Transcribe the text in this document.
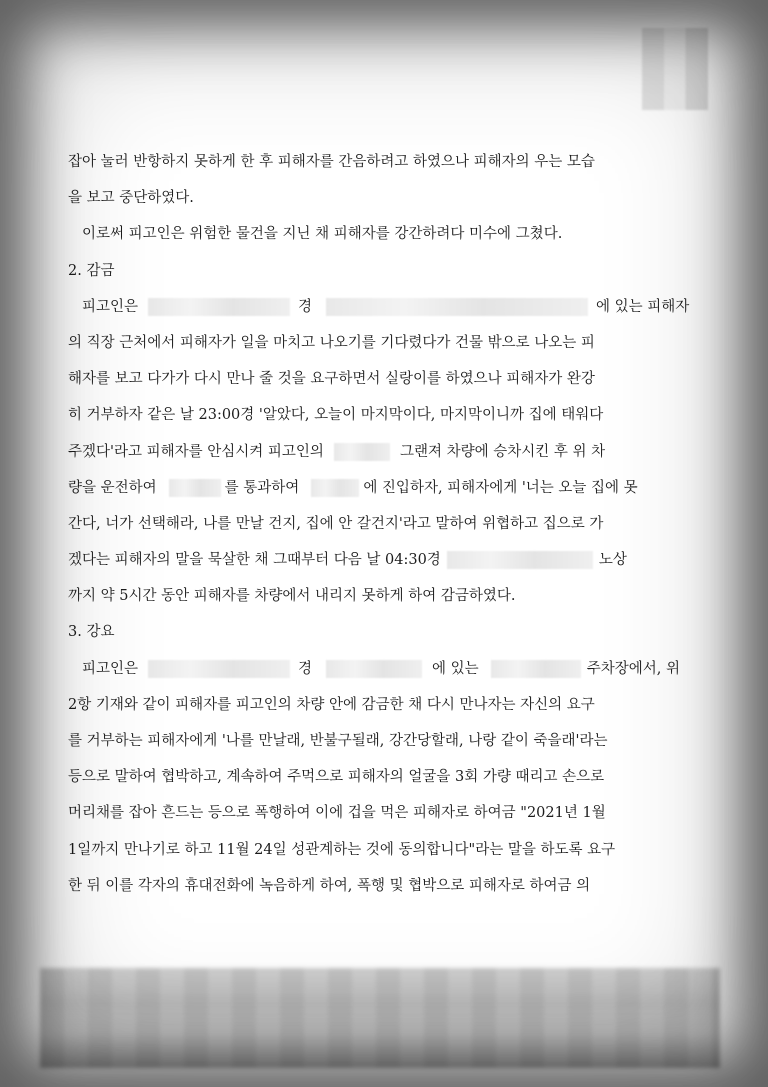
잡아 눌러 반항하지 못하게 한 후 피해자를 간음하려고 하였으나 피해자의 우는 모습
을 보고 중단하였다.
이로써 피고인은 위험한 물건을 지닌 채 피해자를 강간하려다 미수에 그쳤다.
2. 감금
피고인은	경	에 있는 피해자
의 직장 근처에서 피해자가 일을 마치고 나오기를 기다렸다가 건물 밖으로 나오는 피
해자를 보고 다가가 다시 만나 줄 것을 요구하면서 실랑이를 하였으나 피해자가 완강
히 거부하자 같은 날 23:00경 '알았다, 오늘이 마지막이다, 마지막이니까 집에 태워다
주겠다'라고 피해자를 안심시켜 피고인의	그랜져 차량에 승차시킨 후 위 차
량을 운전하여	를 통과하여	에 진입하자, 피해자에게 '너는 오늘 집에 못
간다, 너가 선택해라, 나를 만날 건지, 집에 안 갈건지'라고 말하여 위협하고 집으로 가
겠다는 피해자의 말을 묵살한 채 그때부터 다음 날 04:30경	노상
까지 약 5시간 동안 피해자를 차량에서 내리지 못하게 하여 감금하였다.
3. 강요
피고인은	경	에 있는	주차장에서, 위
2항 기재와 같이 피해자를 피고인의 차량 안에 감금한 채 다시 만나자는 자신의 요구
를 거부하는 피해자에게 '나를 만날래, 반불구될래, 강간당할래, 나랑 같이 죽을래'라는
등으로 말하여 협박하고, 계속하여 주먹으로 피해자의 얼굴을 3회 가량 때리고 손으로
머리채를 잡아 흔드는 등으로 폭행하여 이에 겁을 먹은 피해자로 하여금 "2021년 1월
1일까지 만나기로 하고 11월 24일 성관계하는 것에 동의합니다"라는 말을 하도록 요구
한 뒤 이를 각자의 휴대전화에 녹음하게 하여, 폭행 및 협박으로 피해자로 하여금 의
